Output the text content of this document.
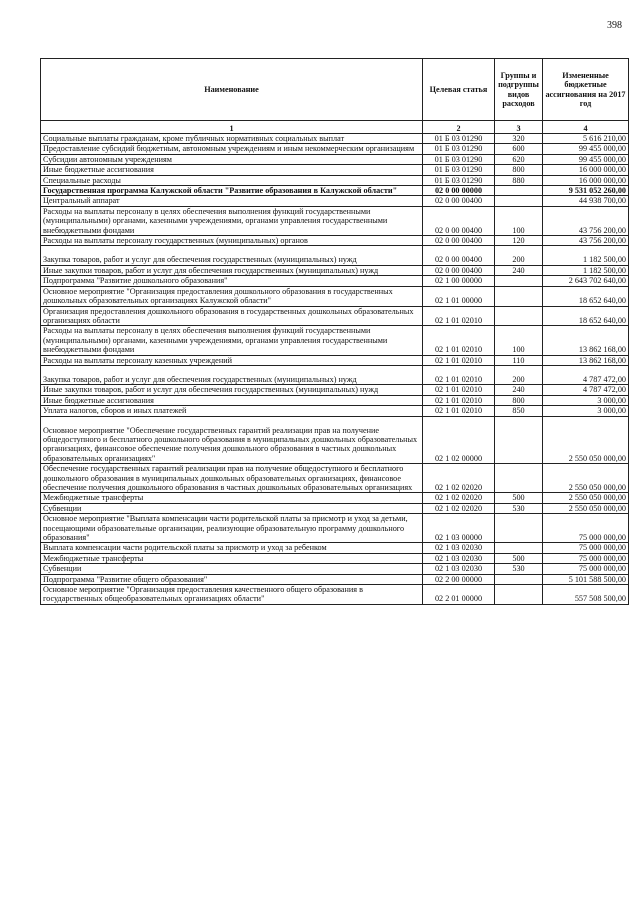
398
Наименование	Целевая статья	Группы и подгруппы видов расходов	Измененные бюджетные ассигнования на 2017 год
1	2	3	4
Социальные выплаты гражданам, кроме публичных нормативных социальных выплат	01 Б 03 01290	320	5 616 210,00
Предоставление субсидий бюджетным, автономным учреждениям и иным некоммерческим организациям	01 Б 03 01290	600	99 455 000,00
Субсидии автономным учреждениям	01 Б 03 01290	620	99 455 000,00
Иные бюджетные ассигнования	01 Б 03 01290	800	16 000 000,00
Специальные расходы	01 Б 03 01290	880	16 000 000,00
Государственная программа Калужской области "Развитие образования в Калужской области"	02 0 00 00000		9 531 052 260,00
Центральный аппарат	02 0 00 00400		44 938 700,00
Расходы на выплаты персоналу в целях обеспечения выполнения функций государственными (муниципальными) органами, казенными учреждениями, органами управления государственными внебюджетными фондами	02 0 00 00400	100	43 756 200,00
Расходы на выплаты персоналу государственных (муниципальных) органов	02 0 00 00400	120	43 756 200,00
Закупка товаров, работ и услуг для обеспечения государственных (муниципальных) нужд	02 0 00 00400	200	1 182 500,00
Иные закупки товаров, работ и услуг для обеспечения государственных (муниципальных) нужд	02 0 00 00400	240	1 182 500,00
Подпрограмма "Развитие дошкольного образования"	02 1 00 00000		2 643 702 640,00
Основное мероприятие "Организация предоставления дошкольного образования в государственных дошкольных образовательных организациях Калужской области"	02 1 01 00000		18 652 640,00
Организация предоставления дошкольного образования в государственных дошкольных образовательных организациях области	02 1 01 02010		18 652 640,00
Расходы на выплаты персоналу в целях обеспечения выполнения функций государственными (муниципальными) органами, казенными учреждениями, органами управления государственными внебюджетными фондами	02 1 01 02010	100	13 862 168,00
Расходы на выплаты персоналу казенных учреждений	02 1 01 02010	110	13 862 168,00
Закупка товаров, работ и услуг для обеспечения государственных (муниципальных) нужд	02 1 01 02010	200	4 787 472,00
Иные закупки товаров, работ и услуг для обеспечения государственных (муниципальных) нужд	02 1 01 02010	240	4 787 472,00
Иные бюджетные ассигнования	02 1 01 02010	800	3 000,00
Уплата налогов, сборов и иных платежей	02 1 01 02010	850	3 000,00
Основное мероприятие "Обеспечение государственных гарантий реализации прав на получение общедоступного и бесплатного дошкольного образования в муниципальных дошкольных образовательных организациях, финансовое обеспечение получения дошкольного образования в частных дошкольных образовательных организациях"	02 1 02 00000		2 550 050 000,00
Обеспечение государственных гарантий реализации прав на получение общедоступного и бесплатного дошкольного образования в муниципальных дошкольных образовательных организациях, финансовое обеспечение получения дошкольного образования в частных дошкольных образовательных организациях	02 1 02 02020		2 550 050 000,00
Межбюджетные трансферты	02 1 02 02020	500	2 550 050 000,00
Субвенции	02 1 02 02020	530	2 550 050 000,00
Основное мероприятие "Выплата компенсации части родительской платы за присмотр и уход за детьми, посещающими образовательные организации, реализующие образовательную программу дошкольного образования"	02 1 03 00000		75 000 000,00
Выплата компенсации части родительской платы за присмотр и уход за ребенком	02 1 03 02030		75 000 000,00
Межбюджетные трансферты	02 1 03 02030	500	75 000 000,00
Субвенции	02 1 03 02030	530	75 000 000,00
Подпрограмма "Развитие общего образования"	02 2 00 00000		5 101 588 500,00
Основное мероприятие "Организация предоставления качественного общего образования в государственных общеобразовательных организациях области"	02 2 01 00000		557 508 500,00
